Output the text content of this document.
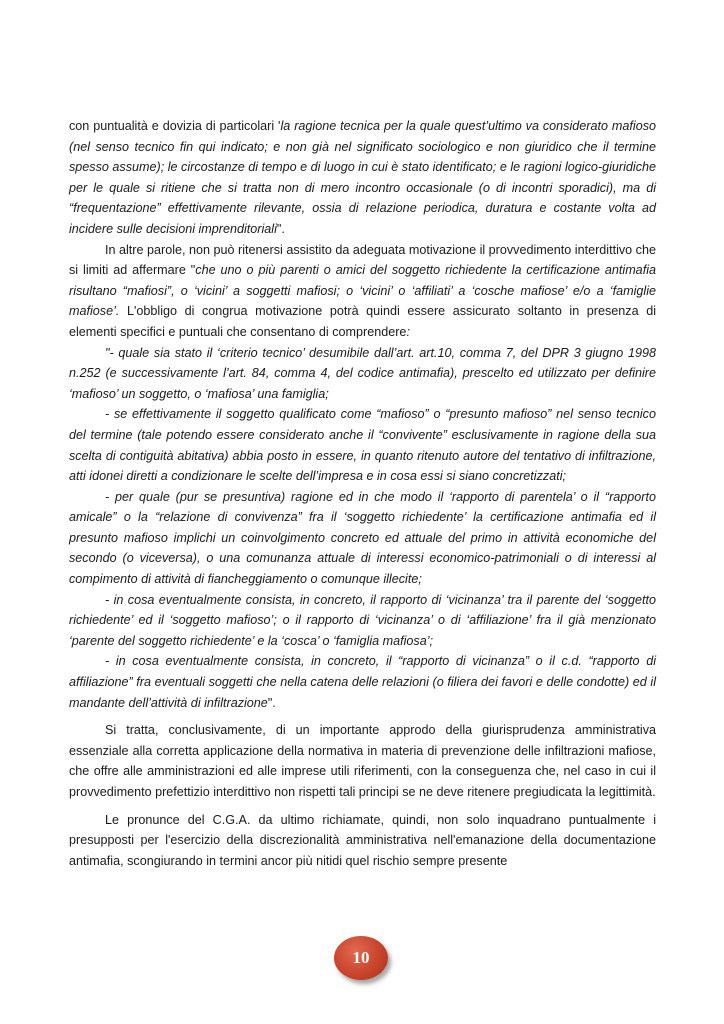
con puntualità e dovizia di particolari 'la ragione tecnica per la quale quest’ultimo va considerato mafioso (nel senso tecnico fin qui indicato; e non già nel significato sociologico e non giuridico che il termine spesso assume); le circostanze di tempo e di luogo in cui è stato identificato; e le ragioni logico-giuridiche per le quale si ritiene che si tratta non di mero incontro occasionale (o di incontri sporadici), ma di “frequentazione” effettivamente rilevante, ossia di relazione periodica, duratura e costante volta ad incidere sulle decisioni imprenditoriali".

In altre parole, non può ritenersi assistito da adeguata motivazione il provvedimento interdittivo che si limiti ad affermare "che uno o più parenti o amici del soggetto richiedente la certificazione antimafia risultano “mafiosi”, o ‘vicini’ a soggetti mafiosi; o ‘vicini’ o ‘affiliati’ a ‘cosche mafiose’ e/o a ‘famiglie mafiose’. L'obbligo di congrua motivazione potrà quindi essere assicurato soltanto in presenza di elementi specifici e puntuali che consentano di comprendere:

"- quale sia stato il ‘criterio tecnico’ desumibile dall’art. art.10, comma 7, del DPR 3 giugno 1998 n.252 (e successivamente l’art. 84, comma 4, del codice antimafia), prescelto ed utilizzato per definire ‘mafioso’ un soggetto, o ‘mafiosa’ una famiglia;

- se effettivamente il soggetto qualificato come “mafioso” o “presunto mafioso” nel senso tecnico del termine (tale potendo essere considerato anche il “convivente” esclusivamente in ragione della sua scelta di contiguità abitativa) abbia posto in essere, in quanto ritenuto autore del tentativo di infiltrazione, atti idonei diretti a condizionare le scelte dell’impresa e in cosa essi si siano concretizzati;

- per quale (pur se presuntiva) ragione ed in che modo il ‘rapporto di parentela’ o il “rapporto amicale” o la “relazione di convivenza” fra il ‘soggetto richiedente’ la certificazione antimafia ed il presunto mafioso implichi un coinvolgimento concreto ed attuale del primo in attività economiche del secondo (o viceversa), o una comunanza attuale di interessi economico-patrimoniali o di interessi al compimento di attività di fiancheggiamento o comunque illecite;

- in cosa eventualmente consista, in concreto, il rapporto di ‘vicinanza’ tra il parente del ‘soggetto richiedente’ ed il ‘soggetto mafioso’; o il rapporto di ‘vicinanza’ o di ‘affiliazione’ fra il già menzionato ‘parente del soggetto richiedente’ e la ‘cosca’ o ‘famiglia mafiosa’;

- in cosa eventualmente consista, in concreto, il “rapporto di vicinanza” o il c.d. “rapporto di affiliazione” fra eventuali soggetti che nella catena delle relazioni (o filiera dei favori e delle condotte) ed il mandante dell’attività di infiltrazione".

Si tratta, conclusivamente, di un importante approdo della giurisprudenza amministrativa essenziale alla corretta applicazione della normativa in materia di prevenzione delle infiltrazioni mafiose, che offre alle amministrazioni ed alle imprese utili riferimenti, con la conseguenza che, nel caso in cui il provvedimento prefettizio interdittivo non rispetti tali principi se ne deve ritenere pregiudicata la legittimità.

Le pronunce del C.G.A. da ultimo richiamate, quindi, non solo inquadrano puntualmente i presupposti per l'esercizio della discrezionalità amministrativa nell'emanazione della documentazione antimafia, scongiurando in termini ancor più nitidi quel rischio sempre presente

10
